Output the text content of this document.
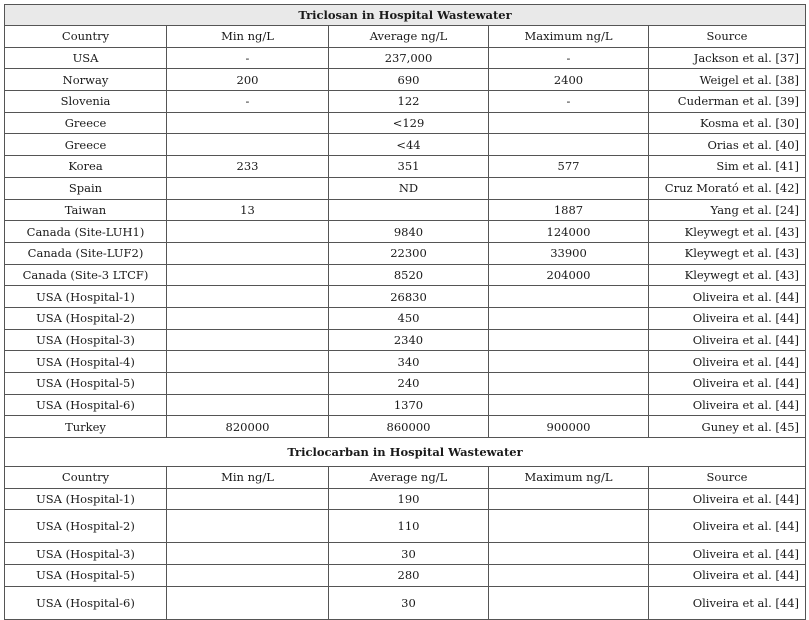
Triclosan in Hospital Wastewater				
Country	Min ng/L	Average ng/L	Maximum ng/L	Source
USA	-	237,000	-	Jackson et al. [37]
Norway	200	690	2400	Weigel et al. [38]
Slovenia	-	122	-	Cuderman et al. [39]
Greece		<129		Kosma et al. [30]
Greece		<44		Orias et al. [40]
Korea	233	351	577	Sim et al. [41]
Spain		ND		Cruz Morató et al. [42]
Taiwan	13		1887	Yang et al. [24]
Canada (Site-LUH1)		9840	124000	Kleywegt et al. [43]
Canada (Site-LUF2)		22300	33900	Kleywegt et al. [43]
Canada (Site-3 LTCF)		8520	204000	Kleywegt et al. [43]
USA (Hospital-1)		26830		Oliveira et al. [44]
USA (Hospital-2)		450		Oliveira et al. [44]
USA (Hospital-3)		2340		Oliveira et al. [44]
USA (Hospital-4)		340		Oliveira et al. [44]
USA (Hospital-5)		240		Oliveira et al. [44]
USA (Hospital-6)		1370		Oliveira et al. [44]
Turkey	820000	860000	900000	Guney et al. [45]
Triclocarban in Hospital Wastewater				
Country	Min ng/L	Average ng/L	Maximum ng/L	Source
USA (Hospital-1)		190		Oliveira et al. [44]
USA (Hospital-2)		110		Oliveira et al. [44]
USA (Hospital-3)		30		Oliveira et al. [44]
USA (Hospital-5)		280		Oliveira et al. [44]
USA (Hospital-6)		30		Oliveira et al. [44]
